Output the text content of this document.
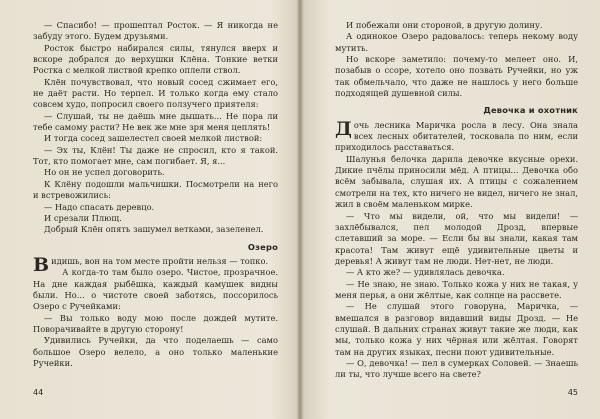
— Спасибо! — прошептал Росток. — Я никогда не забуду этого. Будем друзьями.

Росток быстро набирался силы, тянулся вверх и вскоре добрался до верхушки Клёна. Тонкие ветки Ростка с мелкой листвой крепко оплели ствол.

Клён почувствовал, что новый сосед сжимает его, не даёт расти. Но терпел. И только когда ему стало совсем худо, попросил своего ползучего приятеля:

— Слушай, ты не даёшь мне дышать... Не пора ли тебе самому расти? Не век же мне зря меня цеплять!

И тогда сосед зашелестел своей мелкой листвой:

— Эх ты, Клён! Ты даже не спросил, кто я такой. Тот, кто помогает мне, сам погибает. Я, я...

Но он не успел договорить.

К Клёну подошли мальчишки. Посмотрели на него и встревожились:

— Надо спасать деревцо.

И срезали Плющ.

Добрый Клён опять зашумел ветками, зазеленел.

Озеро

Видишь, вон на том месте пройти нельзя — топко.

А когда-то там было озеро. Чистое, прозрачное. На дне каждая рыбёшка, каждый камушек видны были. Но... о чистоте своей заботясь, поссорилось Озеро с Ручейками:

— Вы только воду мою после дождей мутите. Поворачивайте в другую сторону!

Удивились Ручейки, да что поделаешь — само большое Озеро велело, а оно только маленькие Ручейки.

44

И побежали они стороной, в другую долину.

А одинокое Озеро радовалось: теперь некому воду мутить.

Но вскоре заметило: почему-то мелеет оно. И, позабыв о ссоре, хотело оно позвать Ручейки, но уж так обмельчало, что даже не нашлось у него больше подходящей душевной силы.

Девочка и охотник

Дочь лесника Маричка росла в лесу. Она знала всех лесных обитателей, тосковала по ним, если приходилось расставаться.

Шалунья белочка дарила девочке вкусные орехи. Дикие пчёлы приносили мёд. А птицы... Девочка обо всём забывала, слушая их. А птицы с сожалением смотрели на тех, кто ничего не видел, ничего не знал, жил в своём маленьком мирке.

— Что мы видели, ой, что мы видели! — захлёбывался, пел молодой Дрозд, впервые слетавший за море. — Если бы вы знали, какая там красота! Там живут ещё удивительные цветы и деревья! А живут там не люди. Нет-нет, не люди.

— А кто же? — удивлялась девочка.

— Не знаю, не знаю. Только кожа у них не такая, у меня перья, а они жёлтые, как солнце на рассвете.

— Не слушай этого говоруна, Маричка, — вмешался в разговор видавший виды Дрозд. — Не слушай. В дальних странах живут такие же люди, как мы, только кожа у них чёрная или жёлтая. Говорят там на других языках, песни поют удивительные.

— О, девочка! — пел в сумерках Соловей. — Знаешь ли ты, что лучше всего на свете?

45
